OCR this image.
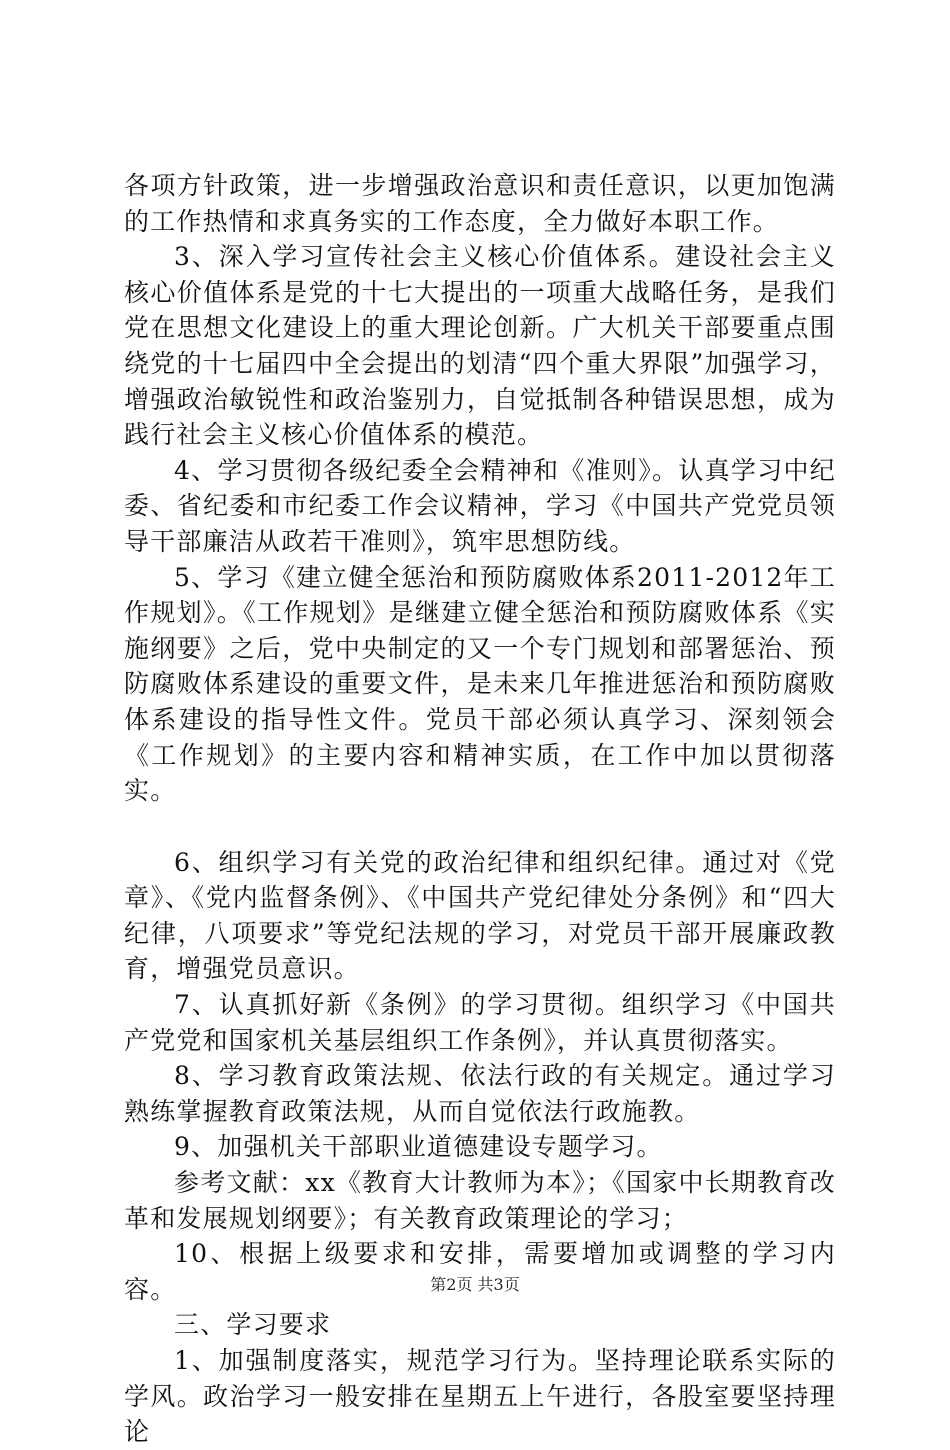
各项方针政策，进一步增强政治意识和责任意识，以更加饱满的工作热情和求真务实的工作态度，全力做好本职工作。

3、深入学习宣传社会主义核心价值体系。建设社会主义核心价值体系是党的十七大提出的一项重大战略任务，是我们党在思想文化建设上的重大理论创新。广大机关干部要重点围绕党的十七届四中全会提出的划清“四个重大界限”加强学习，增强政治敏锐性和政治鉴别力，自觉抵制各种错误思想，成为践行社会主义核心价值体系的模范。

4、学习贯彻各级纪委全会精神和《准则》。认真学习中纪委、省纪委和市纪委工作会议精神，学习《中国共产党党员领导干部廉洁从政若干准则》，筑牢思想防线。

5、学习《建立健全惩治和预防腐败体系2011-2012年工作规划》。《工作规划》是继建立健全惩治和预防腐败体系《实施纲要》之后，党中央制定的又一个专门规划和部署惩治、预防腐败体系建设的重要文件，是未来几年推进惩治和预防腐败体系建设的指导性文件。党员干部必须认真学习、深刻领会《工作规划》的主要内容和精神实质，在工作中加以贯彻落实。

6、组织学习有关党的政治纪律和组织纪律。通过对《党章》、《党内监督条例》、《中国共产党纪律处分条例》和“四大纪律，八项要求”等党纪法规的学习，对党员干部开展廉政教育，增强党员意识。

7、认真抓好新《条例》的学习贯彻。组织学习《中国共产党党和国家机关基层组织工作条例》，并认真贯彻落实。

8、学习教育政策法规、依法行政的有关规定。通过学习熟练掌握教育政策法规，从而自觉依法行政施教。

9、加强机关干部职业道德建设专题学习。

参考文献：xx《教育大计教师为本》；《国家中长期教育改革和发展规划纲要》；有关教育政策理论的学习；

10、根据上级要求和安排，需要增加或调整的学习内容。

三、学习要求

1、加强制度落实，规范学习行为。坚持理论联系实际的学风。政治学习一般安排在星期五上午进行，各股室要坚持理论

第2页 共3页
